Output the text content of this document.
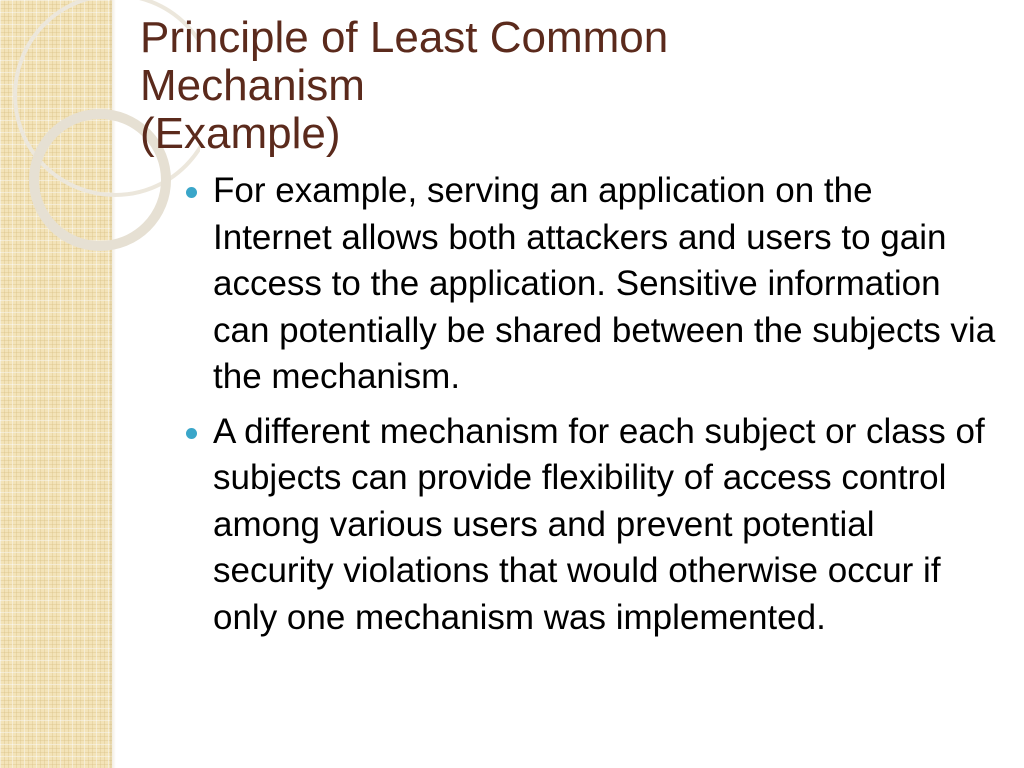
Principle of Least Common
Mechanism
(Example)
For example, serving an application on the Internet allows both attackers and users to gain access to the application. Sensitive information can potentially be shared between the subjects via the mechanism.
A different mechanism for each subject or class of subjects can provide flexibility of access control among various users and prevent potential security violations that would otherwise occur if only one mechanism was implemented.
